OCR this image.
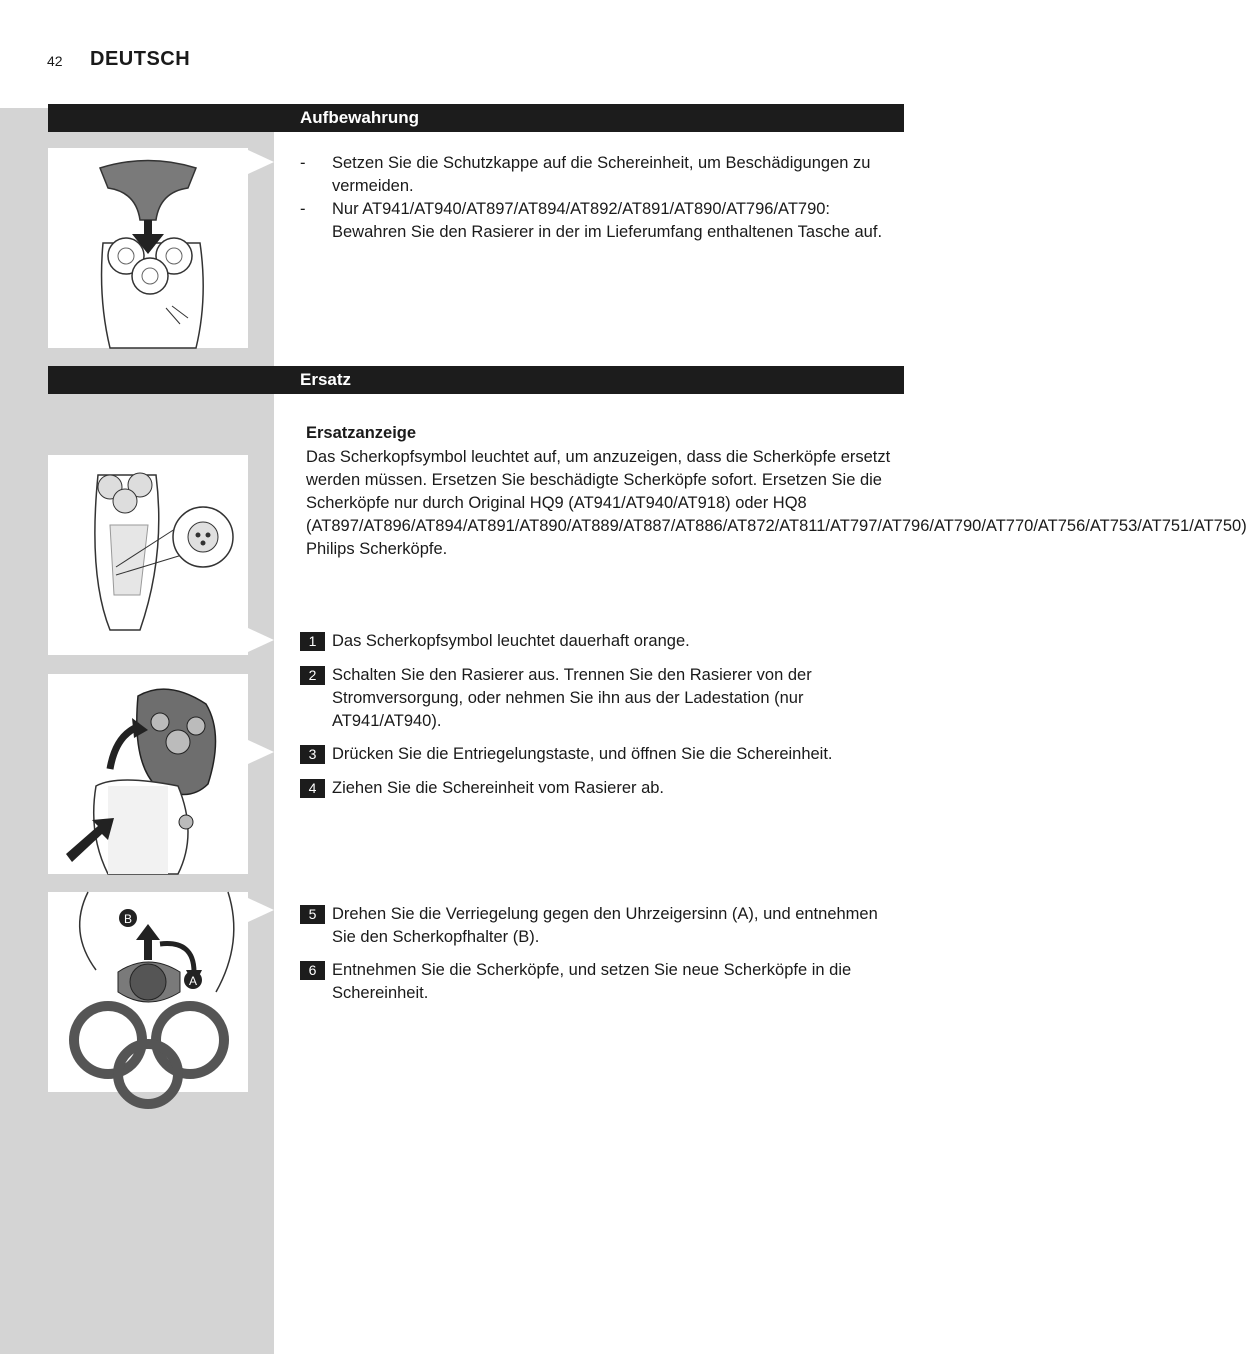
42 DEUTSCH
Aufbewahrung
- Setzen Sie die Schutzkappe auf die Schereinheit, um Beschädigungen zu vermeiden.
- Nur AT941/AT940/AT897/AT894/AT892/AT891/AT890/AT796/AT790: Bewahren Sie den Rasierer in der im Lieferumfang enthaltenen Tasche auf.
Ersatz
Ersatzanzeige
Das Scherkopfsymbol leuchtet auf, um anzuzeigen, dass die Scherköpfe ersetzt werden müssen. Ersetzen Sie beschädigte Scherköpfe sofort. Ersetzen Sie die Scherköpfe nur durch Original HQ9 (AT941/AT940/AT918) oder HQ8 (AT897/AT896/AT894/AT891/AT890/AT889/AT887/AT886/AT872/AT811/AT797/AT796/AT790/AT770/AT756/AT753/AT751/AT750) Philips Scherköpfe.
1 Das Scherkopfsymbol leuchtet dauerhaft orange.
2 Schalten Sie den Rasierer aus. Trennen Sie den Rasierer von der Stromversorgung, oder nehmen Sie ihn aus der Ladestation (nur AT941/AT940).
3 Drücken Sie die Entriegelungstaste, und öffnen Sie die Schereinheit.
4 Ziehen Sie die Schereinheit vom Rasierer ab.
B
A
5 Drehen Sie die Verriegelung gegen den Uhrzeigersinn (A), und entnehmen Sie den Scherkopfhalter (B).
6 Entnehmen Sie die Scherköpfe, und setzen Sie neue Scherköpfe in die Schereinheit.
